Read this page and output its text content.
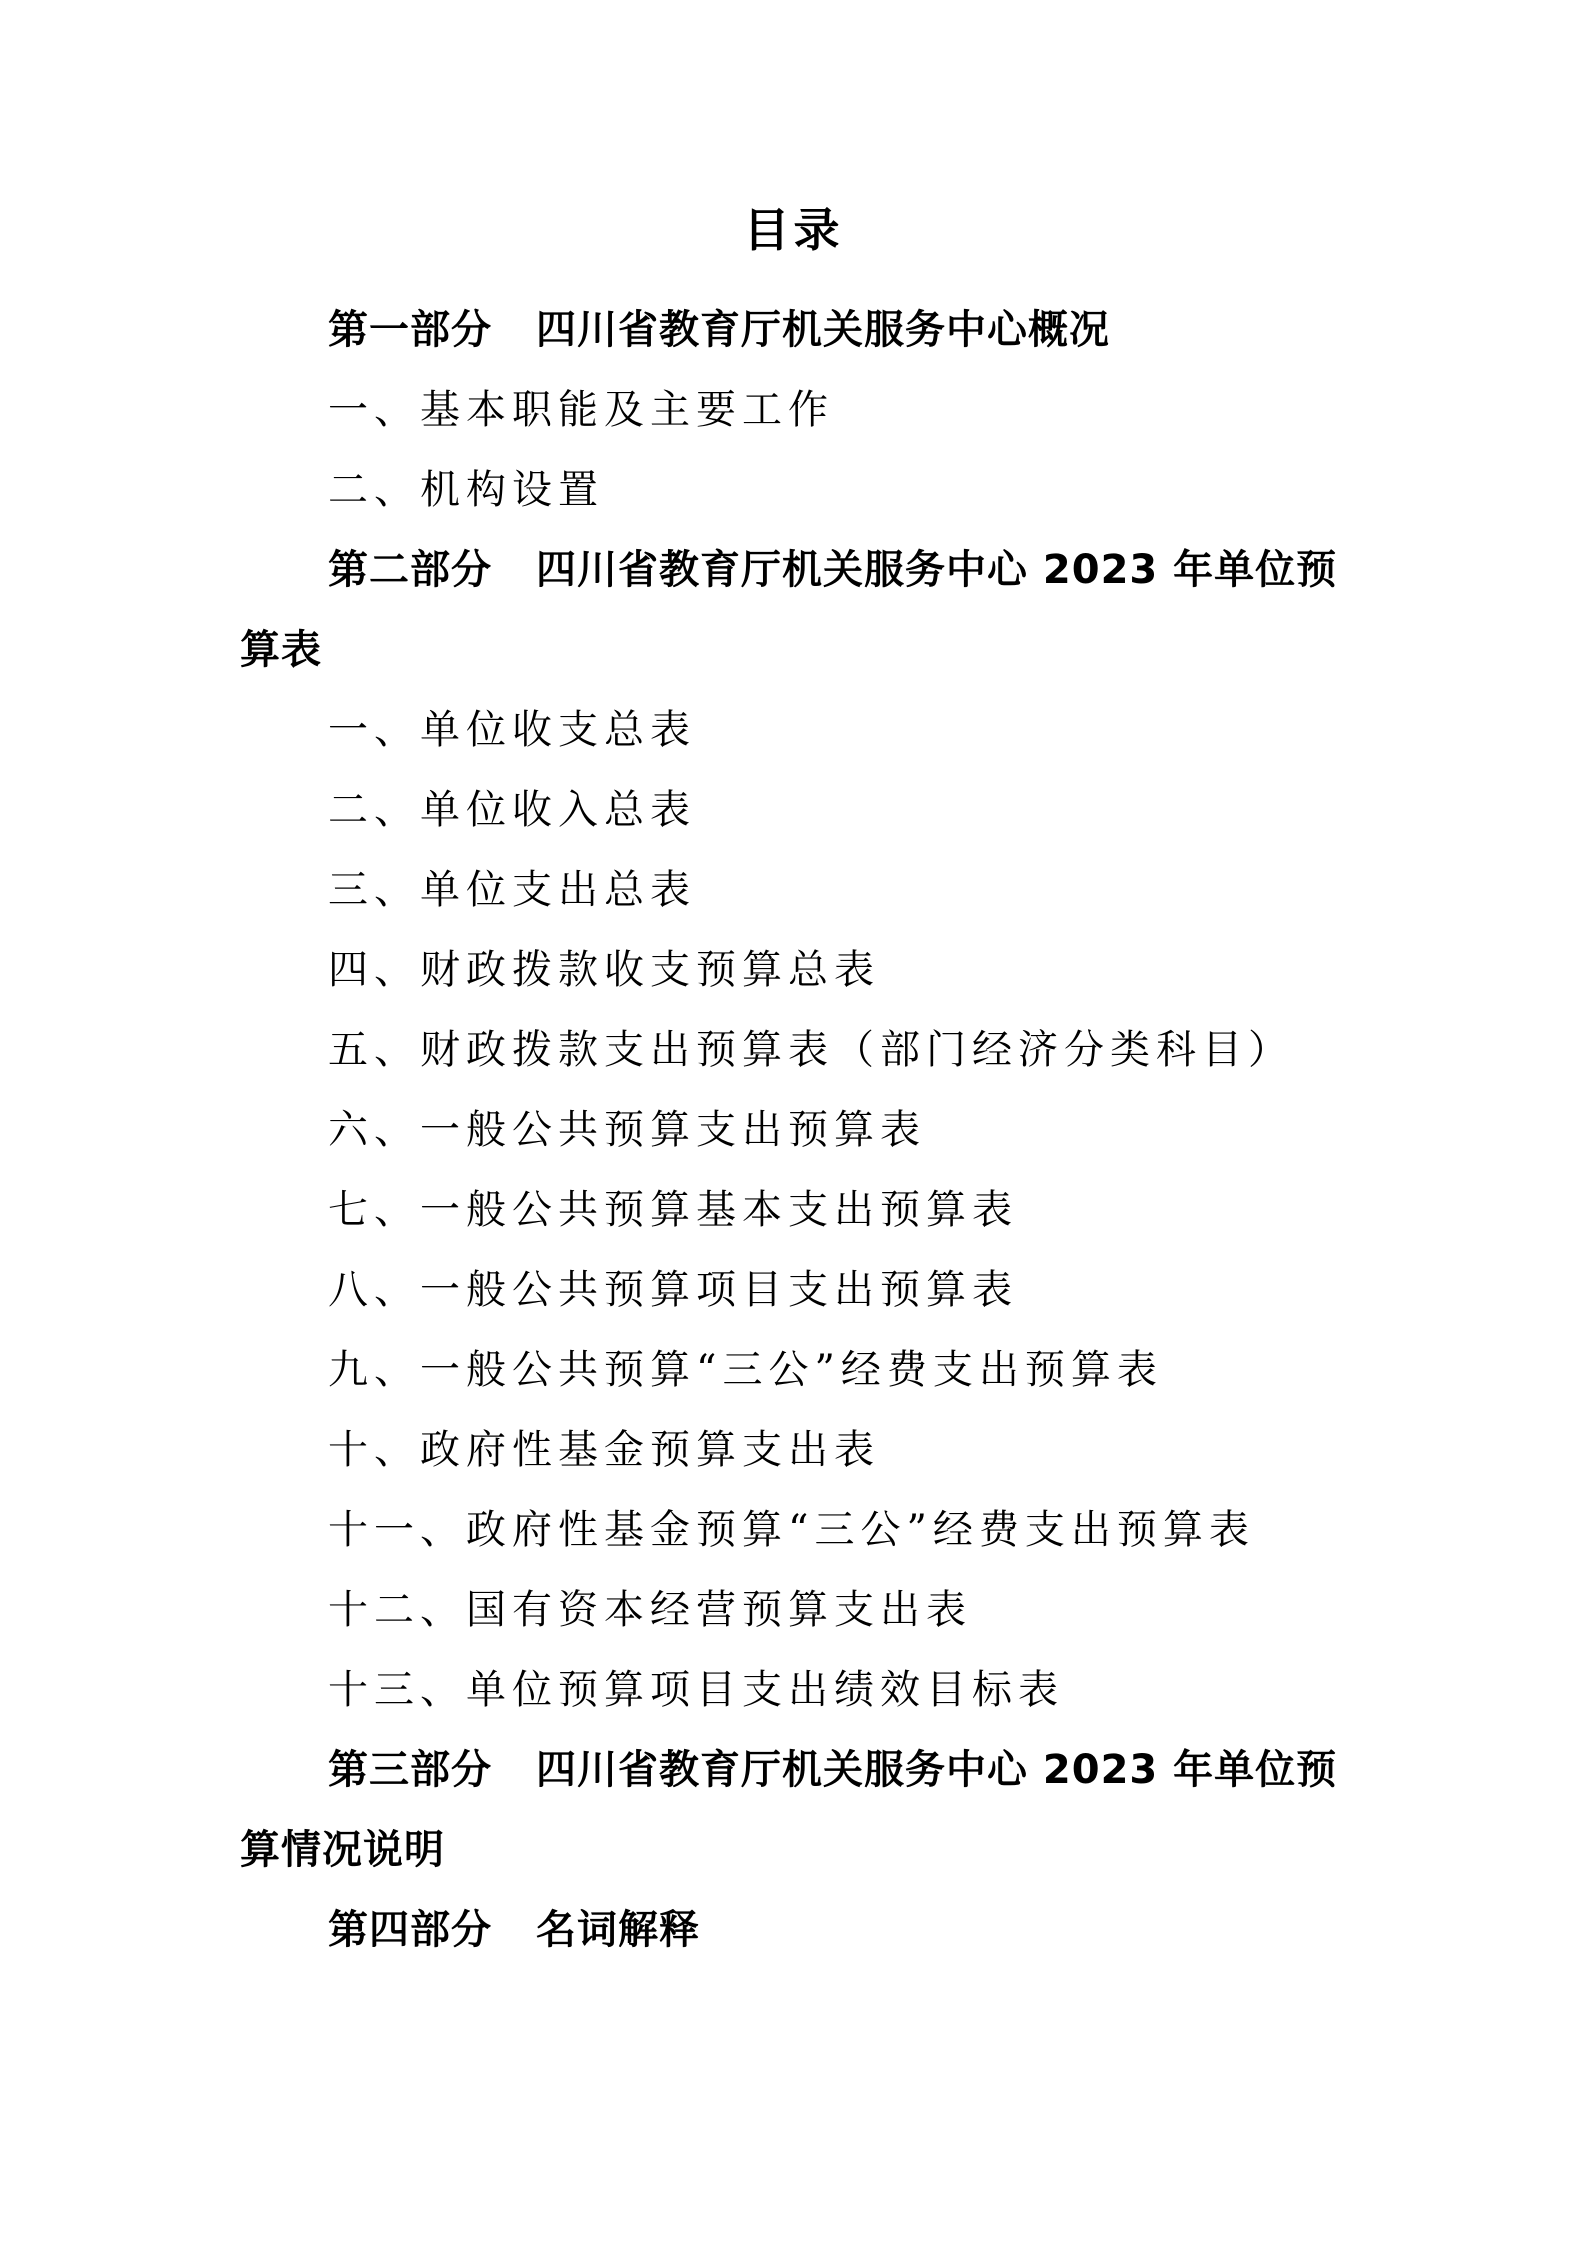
目录
第一部分 四川省教育厅机关服务中心概况
一、基本职能及主要工作
二、机构设置
第二部分 四川省教育厅机关服务中心 2023 年单位预
算表
一、单位收支总表
二、单位收入总表
三、单位支出总表
四、财政拨款收支预算总表
五、财政拨款支出预算表（部门经济分类科目）
六、一般公共预算支出预算表
七、一般公共预算基本支出预算表
八、一般公共预算项目支出预算表
九、一般公共预算“三公”经费支出预算表
十、政府性基金预算支出表
十一、政府性基金预算“三公”经费支出预算表
十二、国有资本经营预算支出表
十三、单位预算项目支出绩效目标表
第三部分 四川省教育厅机关服务中心 2023 年单位预
算情况说明
第四部分 名词解释
